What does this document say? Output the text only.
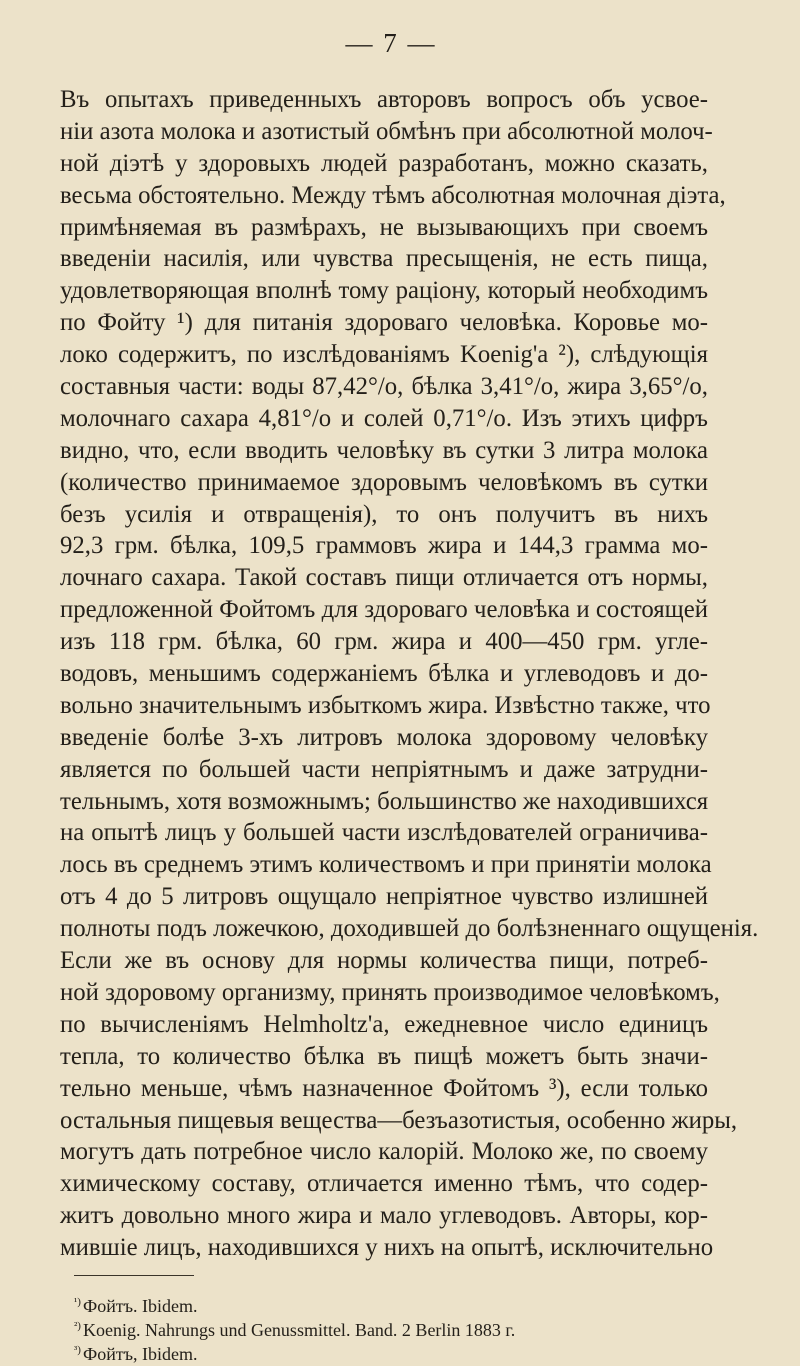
— 7 —
Въ опытахъ приведенныхъ авторовъ вопросъ объ усвое-
ніи азота молока и азотистый обмѣнъ при абсолютной молоч-
ной діэтѣ у здоровыхъ людей разработанъ, можно сказать,
весьма обстоятельно. Между тѣмъ абсолютная молочная діэта,
примѣняемая въ размѣрахъ, не вызывающихъ при своемъ
введеніи насилія, или чувства пресыщенія, не есть пища,
удовлетворяющая вполнѣ тому раціону, который необходимъ
по Фойту ¹) для питанія здороваго человѣка. Коровье мо-
локо содержитъ, по изслѣдованіямъ Koenig'a ²), слѣдующія
составныя части: воды 87,42°/о, бѣлка 3,41°/о, жира 3,65°/о,
молочнаго сахара 4,81°/о и солей 0,71°/о. Изъ этихъ цифръ
видно, что, если вводить человѣку въ сутки 3 литра молока
(количество принимаемое здоровымъ человѣкомъ въ сутки
безъ усилія и отвращенія), то онъ получитъ въ нихъ
92,3 грм. бѣлка, 109,5 граммовъ жира и 144,3 грамма мо-
лочнаго сахара. Такой составъ пищи отличается отъ нормы,
предложенной Фойтомъ для здороваго человѣка и состоящей
изъ 118 грм. бѣлка, 60 грм. жира и 400—450 грм. угле-
водовъ, меньшимъ содержаніемъ бѣлка и углеводовъ и до-
вольно значительнымъ избыткомъ жира. Извѣстно также, что
введеніе болѣе 3-хъ литровъ молока здоровому человѣку
является по большей части непріятнымъ и даже затрудни-
тельнымъ, хотя возможнымъ; большинство же находившихся
на опытѣ лицъ у большей части изслѣдователей ограничива-
лось въ среднемъ этимъ количествомъ и при принятіи молока
отъ 4 до 5 литровъ ощущало непріятное чувство излишней
полноты подъ ложечкою, доходившей до болѣзненнаго ощущенія.
Если же въ основу для нормы количества пищи, потреб-
ной здоровому организму, принять производимое человѣкомъ,
по вычисленіямъ Helmholtz'a, ежедневное число единицъ
тепла, то количество бѣлка въ пищѣ можетъ быть значи-
тельно меньше, чѣмъ назначенное Фойтомъ ³), если только
остальныя пищевыя вещества—безъазотистыя, особенно жиры,
могутъ дать потребное число калорій. Молоко же, по своему
химическому составу, отличается именно тѣмъ, что содер-
житъ довольно много жира и мало углеводовъ. Авторы, кор-
мившіе лицъ, находившихся у нихъ на опытѣ, исключительно
$^{^1)}$ Фойтъ. Ibidem.
$^{^2)}$ Koenig. Nahrungs und Genussmittel. Band. 2 Berlin 1883 г.
$^{^3)}$ Фойтъ, Ibidem.
